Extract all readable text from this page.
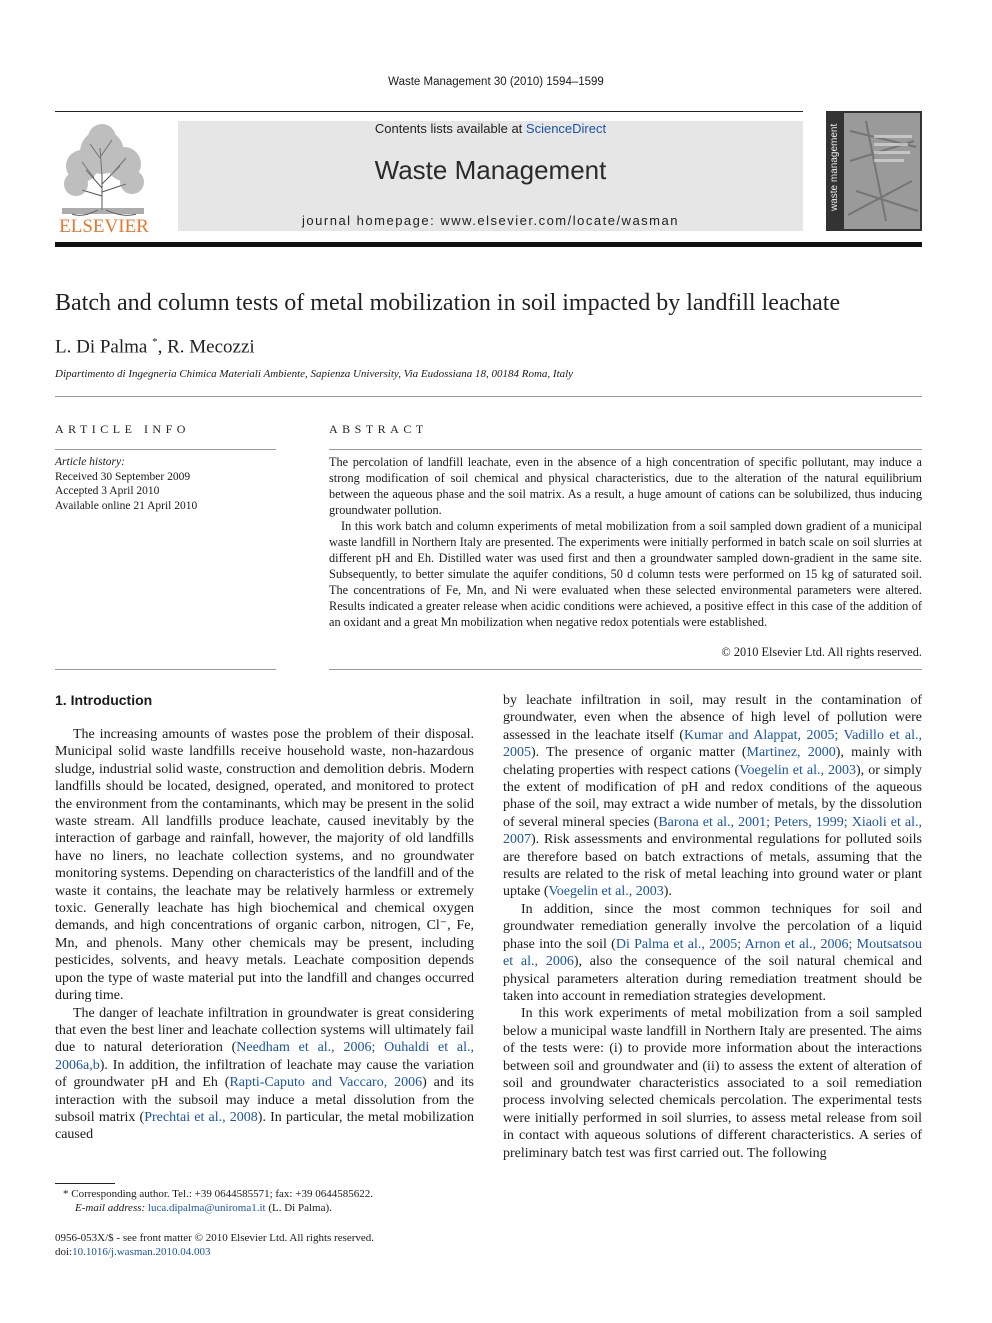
Waste Management 30 (2010) 1594–1599
ELSEVIER
Contents lists available at ScienceDirect
Waste Management
journal homepage: www.elsevier.com/locate/wasman
waste management
Batch and column tests of metal mobilization in soil impacted by landfill leachate
L. Di Palma *, R. Mecozzi
Dipartimento di Ingegneria Chimica Materiali Ambiente, Sapienza University, Via Eudossiana 18, 00184 Roma, Italy
ARTICLE INFO
Article history:
Received 30 September 2009
Accepted 3 April 2010
Available online 21 April 2010
ABSTRACT

The percolation of landfill leachate, even in the absence of a high concentration of specific pollutant, may induce a strong modification of soil chemical and physical characteristics, due to the alteration of the natural equilibrium between the aqueous phase and the soil matrix. As a result, a huge amount of cations can be solubilized, thus inducing groundwater pollution.

In this work batch and column experiments of metal mobilization from a soil sampled down gradient of a municipal waste landfill in Northern Italy are presented. The experiments were initially performed in batch scale on soil slurries at different pH and Eh. Distilled water was used first and then a groundwater sampled down-gradient in the same site. Subsequently, to better simulate the aquifer conditions, 50 d column tests were performed on 15 kg of saturated soil. The concentrations of Fe, Mn, and Ni were evaluated when these selected environmental parameters were altered. Results indicated a greater release when acidic conditions were achieved, a positive effect in this case of the addition of an oxidant and a great Mn mobilization when negative redox potentials were established.

© 2010 Elsevier Ltd. All rights reserved.
1. Introduction

The increasing amounts of wastes pose the problem of their disposal. Municipal solid waste landfills receive household waste, non-hazardous sludge, industrial solid waste, construction and demolition debris. Modern landfills should be located, designed, operated, and monitored to protect the environment from the contaminants, which may be present in the solid waste stream. All landfills produce leachate, caused inevitably by the interaction of garbage and rainfall, however, the majority of old landfills have no liners, no leachate collection systems, and no groundwater monitoring systems. Depending on characteristics of the landfill and of the waste it contains, the leachate may be relatively harmless or extremely toxic. Generally leachate has high biochemical and chemical oxygen demands, and high concentrations of organic carbon, nitrogen, Cl⁻, Fe, Mn, and phenols. Many other chemicals may be present, including pesticides, solvents, and heavy metals. Leachate composition depends upon the type of waste material put into the landfill and changes occurred during time.

The danger of leachate infiltration in groundwater is great considering that even the best liner and leachate collection systems will ultimately fail due to natural deterioration (Needham et al., 2006; Ouhaldi et al., 2006a,b). In addition, the infiltration of leachate may cause the variation of groundwater pH and Eh (Rapti-Caputo and Vaccaro, 2006) and its interaction with the subsoil may induce a metal dissolution from the subsoil matrix (Prechtai et al., 2008). In particular, the metal mobilization caused

by leachate infiltration in soil, may result in the contamination of groundwater, even when the absence of high level of pollution were assessed in the leachate itself (Kumar and Alappat, 2005; Vadillo et al., 2005). The presence of organic matter (Martinez, 2000), mainly with chelating properties with respect cations (Voegelin et al., 2003), or simply the extent of modification of pH and redox conditions of the aqueous phase of the soil, may extract a wide number of metals, by the dissolution of several mineral species (Barona et al., 2001; Peters, 1999; Xiaoli et al., 2007). Risk assessments and environmental regulations for polluted soils are therefore based on batch extractions of metals, assuming that the results are related to the risk of metal leaching into ground water or plant uptake (Voegelin et al., 2003).

In addition, since the most common techniques for soil and groundwater remediation generally involve the percolation of a liquid phase into the soil (Di Palma et al., 2005; Arnon et al., 2006; Moutsatsou et al., 2006), also the consequence of the soil natural chemical and physical parameters alteration during remediation treatment should be taken into account in remediation strategies development.

In this work experiments of metal mobilization from a soil sampled below a municipal waste landfill in Northern Italy are presented. The aims of the tests were: (i) to provide more information about the interactions between soil and groundwater and (ii) to assess the extent of alteration of soil and groundwater characteristics associated to a soil remediation process involving selected chemicals percolation. The experimental tests were initially performed in soil slurries, to assess metal release from soil in contact with aqueous solutions of different characteristics. A series of preliminary batch test was first carried out. The following

* Corresponding author. Tel.: +39 0644585571; fax: +39 0644585622.
E-mail address: luca.dipalma@uniroma1.it (L. Di Palma).
0956-053X/$ - see front matter © 2010 Elsevier Ltd. All rights reserved.
doi:10.1016/j.wasman.2010.04.003
